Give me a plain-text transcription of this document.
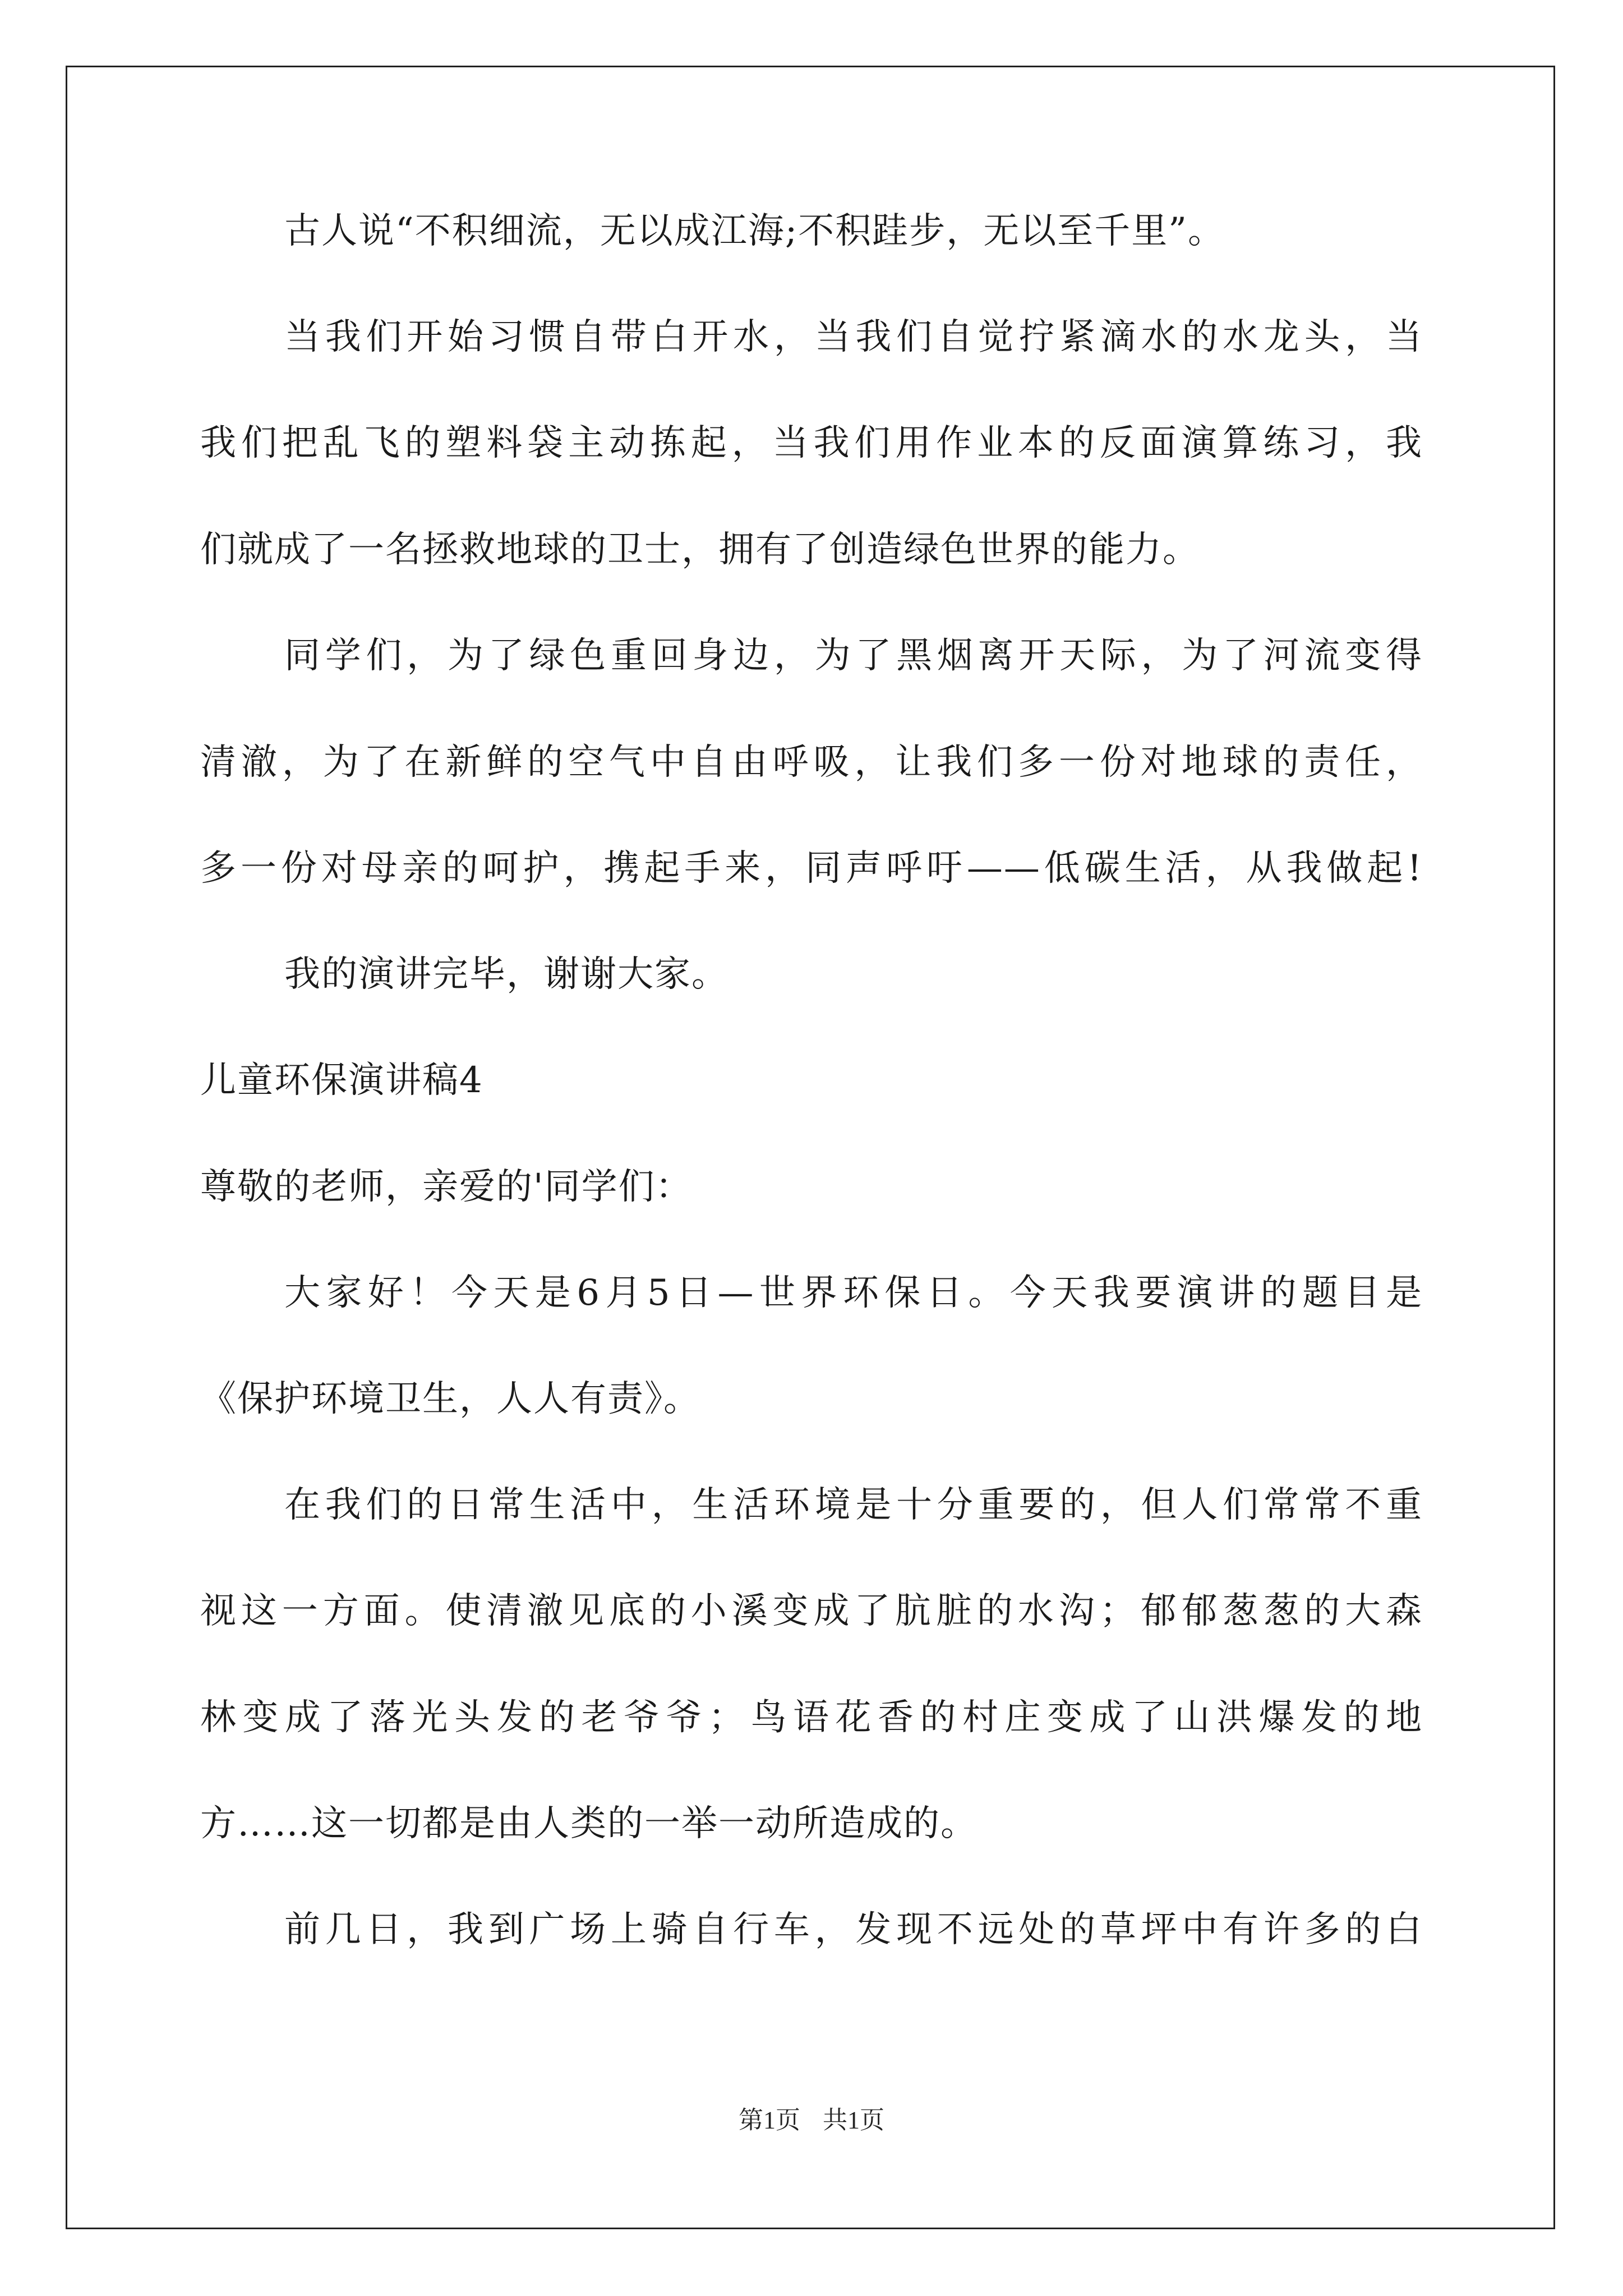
古人说“不积细流，无以成江海;不积跬步，无以至千里”。
当我们开始习惯自带白开水，当我们自觉拧紧滴水的水龙头，当
我们把乱飞的塑料袋主动拣起，当我们用作业本的反面演算练习，我
们就成了一名拯救地球的卫士，拥有了创造绿色世界的能力。
同学们，为了绿色重回身边，为了黑烟离开天际，为了河流变得
清澈，为了在新鲜的空气中自由呼吸，让我们多一份对地球的责任，
多一份对母亲的呵护，携起手来，同声呼吁——低碳生活，从我做起!
我的演讲完毕，谢谢大家。
儿童环保演讲稿4
尊敬的老师，亲爱的'同学们：
大家好！今天是6月5日—世界环保日。今天我要演讲的题目是
《保护环境卫生，人人有责》。
在我们的日常生活中，生活环境是十分重要的，但人们常常不重
视这一方面。使清澈见底的小溪变成了肮脏的水沟；郁郁葱葱的大森
林变成了落光头发的老爷爷；鸟语花香的村庄变成了山洪爆发的地
方……这一切都是由人类的一举一动所造成的。
前几日，我到广场上骑自行车，发现不远处的草坪中有许多的白
第1页 共1页
